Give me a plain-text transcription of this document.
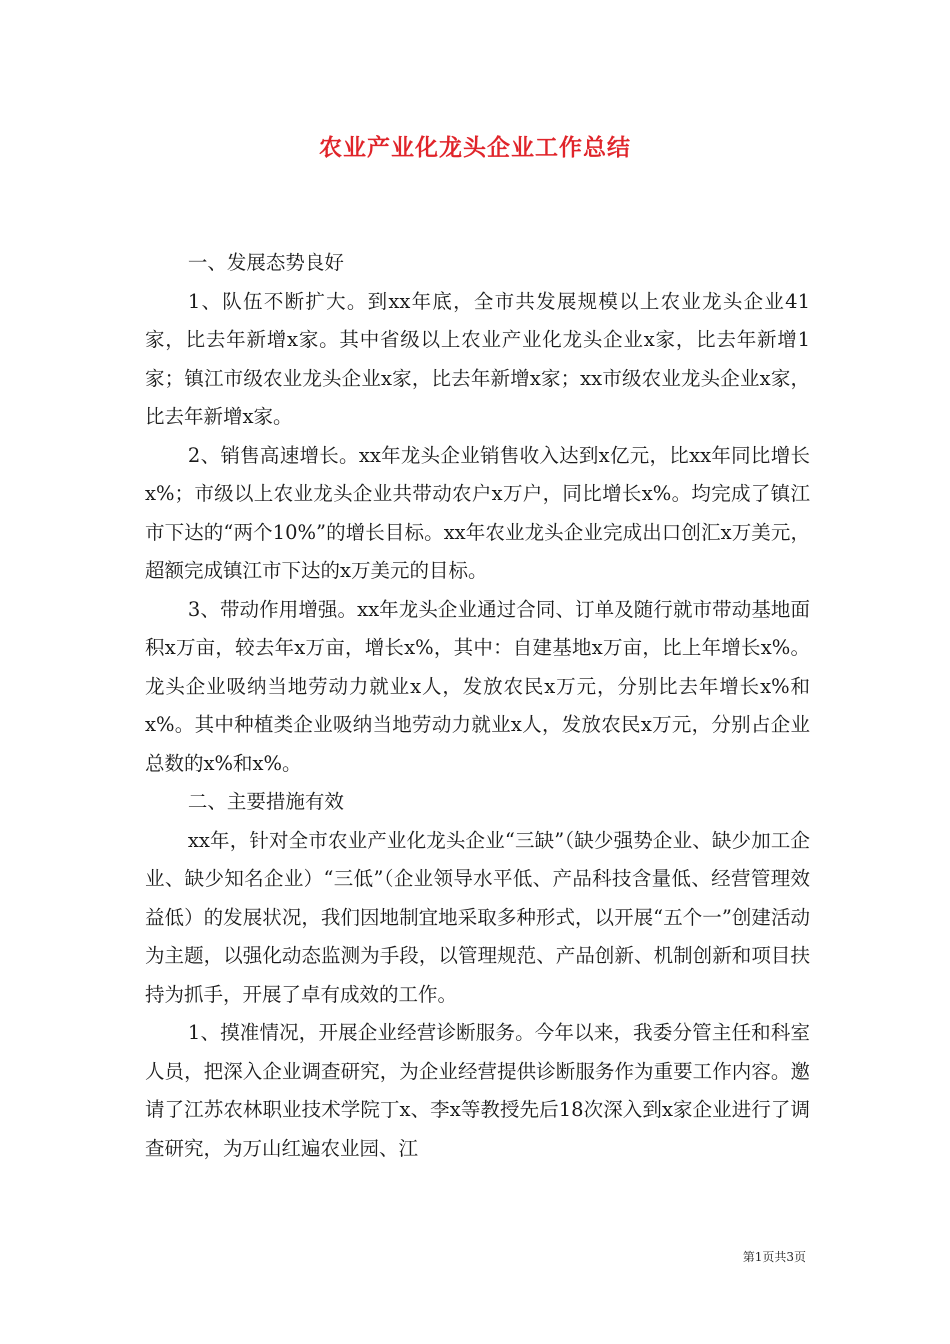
农业产业化龙头企业工作总结

一、发展态势良好

1、队伍不断扩大。到xx年底，全市共发展规模以上农业龙头企业41家，比去年新增x家。其中省级以上农业产业化龙头企业x家，比去年新增1家；镇江市级农业龙头企业x家，比去年新增x家；xx市级农业龙头企业x家，比去年新增x家。

2、销售高速增长。xx年龙头企业销售收入达到x亿元，比xx年同比增长x%；市级以上农业龙头企业共带动农户x万户，同比增长x%。均完成了镇江市下达的“两个10%”的增长目标。xx年农业龙头企业完成出口创汇x万美元，超额完成镇江市下达的x万美元的目标。

3、带动作用增强。xx年龙头企业通过合同、订单及随行就市带动基地面积x万亩，较去年x万亩，增长x%，其中：自建基地x万亩，比上年增长x%。龙头企业吸纳当地劳动力就业x人，发放农民x万元，分别比去年增长x%和x%。其中种植类企业吸纳当地劳动力就业x人，发放农民x万元，分别占企业总数的x%和x%。

二、主要措施有效

xx年，针对全市农业产业化龙头企业“三缺”（缺少强势企业、缺少加工企业、缺少知名企业）“三低”（企业领导水平低、产品科技含量低、经营管理效益低）的发展状况，我们因地制宜地采取多种形式，以开展“五个一”创建活动为主题，以强化动态监测为手段，以管理规范、产品创新、机制创新和项目扶持为抓手，开展了卓有成效的工作。

1、摸准情况，开展企业经营诊断服务。今年以来，我委分管主任和科室人员，把深入企业调查研究，为企业经营提供诊断服务作为重要工作内容。邀请了江苏农林职业技术学院丁x、李x等教授先后18次深入到x家企业进行了调查研究，为万山红遍农业园、江

第1页共3页
